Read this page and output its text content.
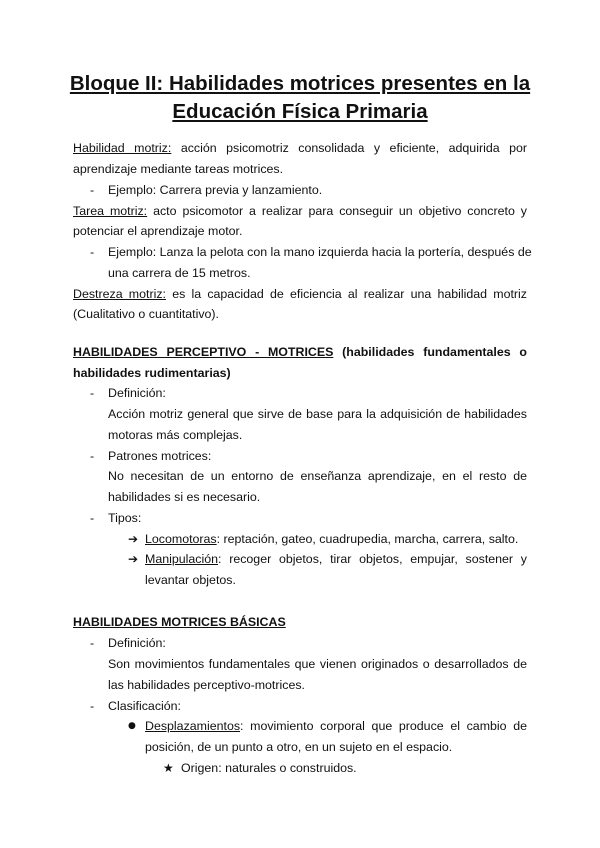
Bloque II: Habilidades motrices presentes en la
Educación Física Primaria
Habilidad motriz: acción psicomotriz consolidada y eficiente, adquirida por
aprendizaje mediante tareas motrices.
-	Ejemplo: Carrera previa y lanzamiento.
Tarea motriz: acto psicomotor a realizar para conseguir un objetivo concreto y
potenciar el aprendizaje motor.
-	Ejemplo: Lanza la pelota con la mano izquierda hacia la portería, después de
una carrera de 15 metros.
Destreza motriz: es la capacidad de eficiencia al realizar una habilidad motriz
(Cualitativo o cuantitativo).
HABILIDADES PERCEPTIVO - MOTRICES (habilidades fundamentales o
habilidades rudimentarias)
-	Definición:
Acción motriz general que sirve de base para la adquisición de habilidades
motoras más complejas.
-	Patrones motrices:
No necesitan de un entorno de enseñanza aprendizaje, en el resto de
habilidades si es necesario.
-	Tipos:
➔ Locomotoras: reptación, gateo, cuadrupedia, marcha, carrera, salto.
➔ Manipulación: recoger objetos, tirar objetos, empujar, sostener y
levantar objetos.
HABILIDADES MOTRICES BÁSICAS
-	Definición:
Son movimientos fundamentales que vienen originados o desarrollados de
las habilidades perceptivo-motrices.
-	Clasificación:
● Desplazamientos: movimiento corporal que produce el cambio de
posición, de un punto a otro, en un sujeto en el espacio.
★ Origen: naturales o construidos.
